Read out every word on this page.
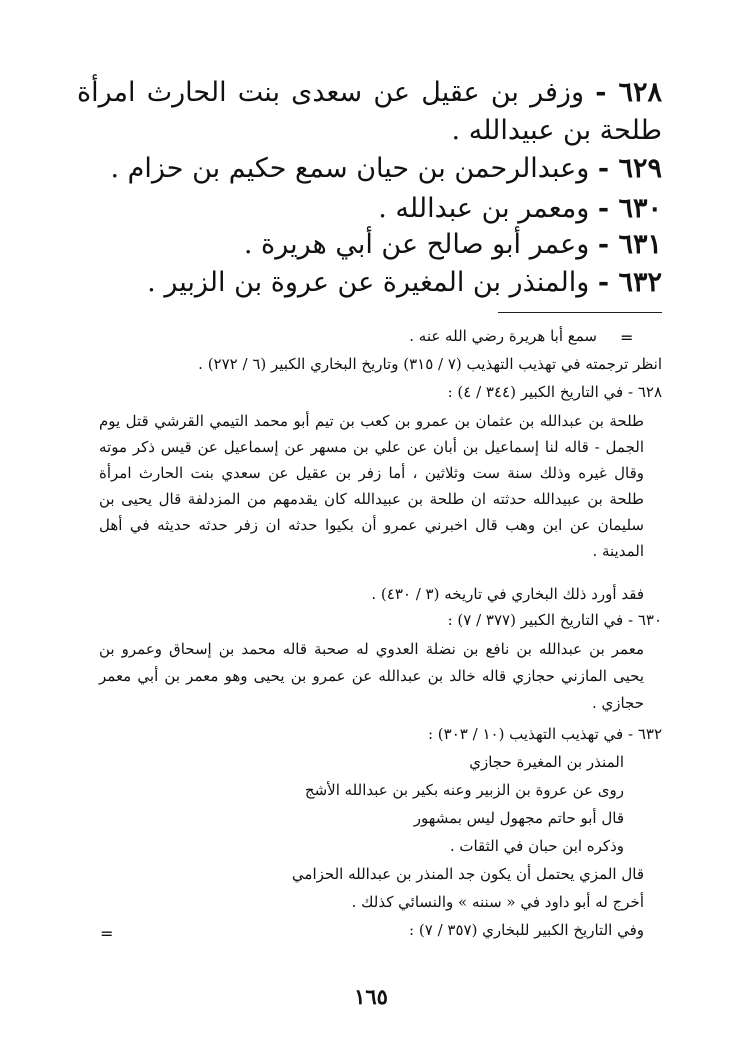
٦٢٨ - وزفر بن عقيل عن سعدى بنت الحارث امرأة طلحة بن عبيدالله .
٦٢٩ - وعبدالرحمن بن حيان سمع حكيم بن حزام .
٦٣٠ - ومعمر بن عبدالله .
٦٣١ - وعمر أبو صالح عن أبي هريرة .
٦٣٢ - والمنذر بن المغيرة عن عروة بن الزبير .
=
سمع أبا هريرة رضي الله عنه .
انظر ترجمته في تهذيب التهذيب (٧ / ٣١٥) وتاريخ البخاري الكبير (٦ / ٢٧٢) .
٦٢٨ - في التاريخ الكبير (٣٤٤ / ٤) :
طلحة بن عبدالله بن عثمان بن عمرو بن كعب بن تيم أبو محمد التيمي القرشي قتل يوم الجمل - قاله لنا إسماعيل بن أبان عن علي بن مسهر عن إسماعيل عن قيس ذكر موته وقال غيره وذلك سنة ست وثلاثين ، أما زفر بن عقيل عن سعدي بنت الحارث امرأة طلحة بن عبيدالله حدثته ان طلحة بن عبيدالله كان يقدمهم من المزدلفة قال يحيى بن سليمان عن ابن وهب قال اخبرني عمرو أن بكيوا حدثه ان زفر حدثه حديثه في أهل المدينة .
فقد أورد ذلك البخاري في تاريخه (٣ / ٤٣٠) .
٦٣٠ - في التاريخ الكبير (٣٧٧ / ٧) :
معمر بن عبدالله بن نافع بن نضلة العدوي له صحبة قاله محمد بن إسحاق وعمرو بن يحيى المازني حجازي قاله خالد بن عبدالله عن عمرو بن يحيى وهو معمر بن أبي معمر حجازي .
٦٣٢ - في تهذيب التهذيب (١٠ / ٣٠٣) :
المنذر بن المغيرة حجازي
روى عن عروة بن الزبير وعنه بكير بن عبدالله الأشج
قال أبو حاتم مجهول ليس بمشهور
وذكره ابن حبان في الثقات .
قال المزي يحتمل أن يكون جد المنذر بن عبدالله الحزامي
أخرج له أبو داود في « سننه » والنسائي كذلك .
وفي التاريخ الكبير للبخاري (٣٥٧ / ٧) :
=
١٦٥
